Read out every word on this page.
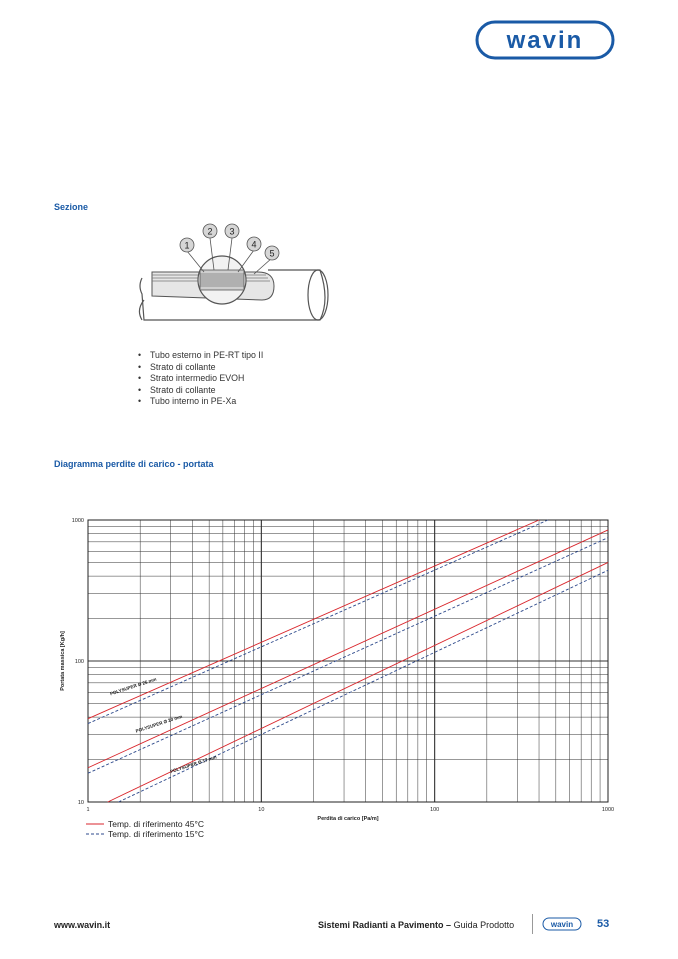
wavin
Sezione
1
2 3
4
5
• Tubo esterno in PE-RT tipo II
• Strato di collante
• Strato intermedio EVOH
• Strato di collante
• Tubo interno in PE-Xa
Diagramma perdite di carico - portata
1	10	100	1000
10
100
1000
Perdita di carico [Pa/m]
Portata massica [Kg/h]	POLYSUPER Ø 25 mm
POLYSUPER Ø 20 mm
POLYSUPER Ø 17 mm
Temp. di riferimento 45°C
Temp. di riferimento 15°C
www.wavin.it	Sistemi Radianti a Pavimento – Guida Prodotto	wavin 53
